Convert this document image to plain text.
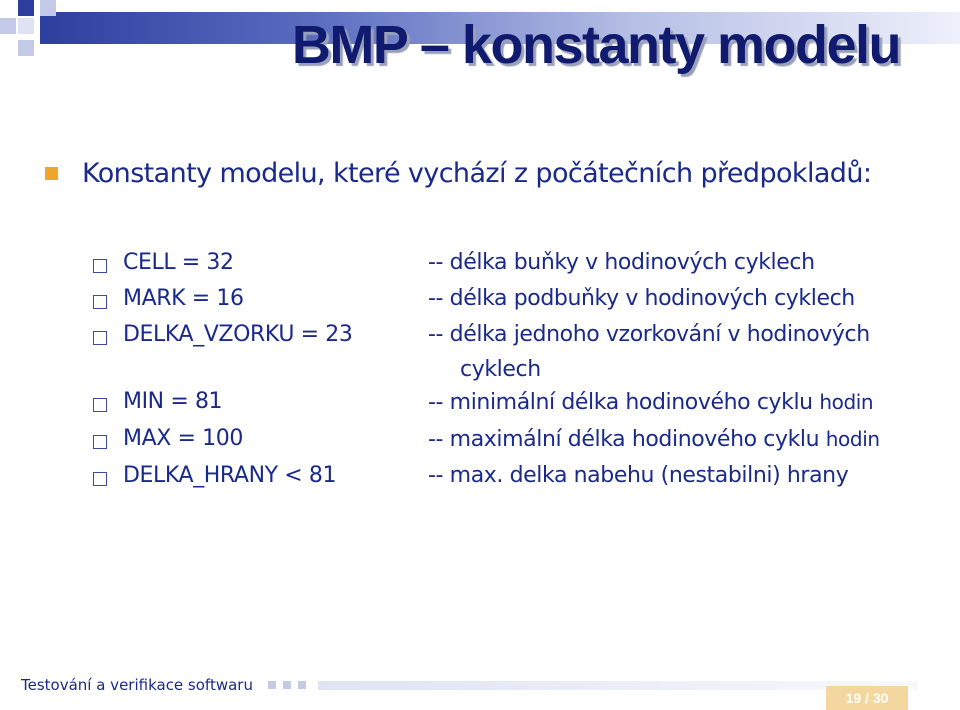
BMP – konstanty modelu
Konstanty modelu, které vychází z počátečních předpokladů:
CELL = 32	-- délka buňky v hodinových cyklech
MARK = 16	-- délka podbuňky v hodinových cyklech
DELKA_VZORKU = 23	-- délka jednoho vzorkování v hodinových
cyklech
MIN = 81	-- minimální délka hodinového cyklu hodin
MAX = 100	-- maximální délka hodinového cyklu hodin
DELKA_HRANY < 81	-- max. delka nabehu (nestabilni) hrany
Testování a verifikace softwaru
19 / 30
